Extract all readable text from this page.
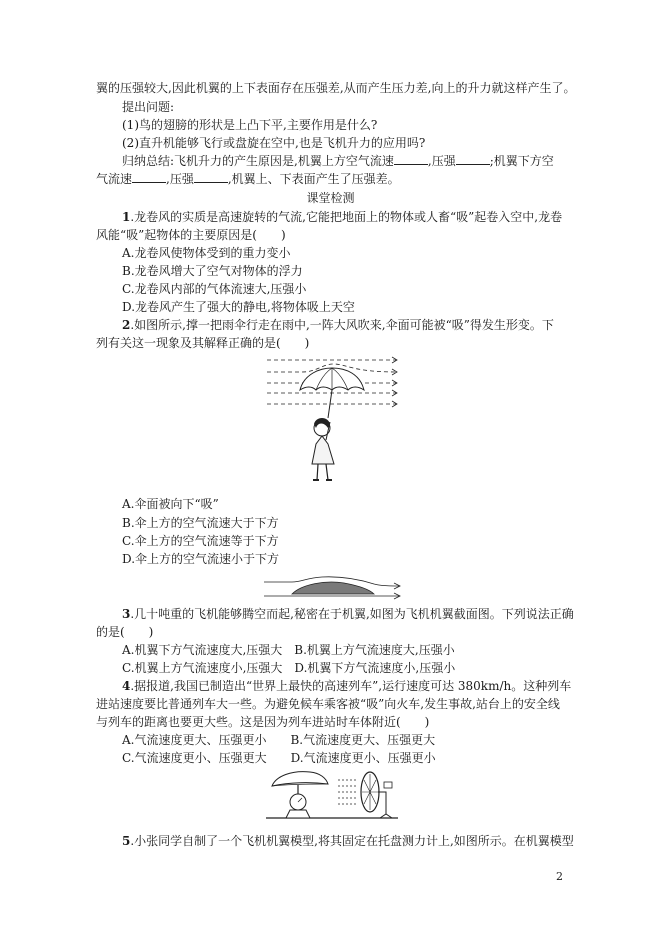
翼的压强较大,因此机翼的上下表面存在压强差,从而产生压力差,向上的升力就这样产生了。
提出问题:
(1)鸟的翅膀的形状是上凸下平,主要作用是什么?
(2)直升机能够飞行或盘旋在空中,也是飞机升力的应用吗?
归纳总结:飞机升力的产生原因是,机翼上方空气流速	,压强	;机翼下方空
气流速	,压强	,机翼上、下表面产生了压强差。
课堂检测
1.龙卷风的实质是高速旋转的气流,它能把地面上的物体或人畜“吸”起卷入空中,龙卷
风能“吸”起物体的主要原因是(　　)
A.龙卷风使物体受到的重力变小
B.龙卷风增大了空气对物体的浮力
C.龙卷风内部的气体流速大,压强小
D.龙卷风产生了强大的静电,将物体吸上天空
2.如图所示,撑一把雨伞行走在雨中,一阵大风吹来,伞面可能被“吸”得发生形变。下
列有关这一现象及其解释正确的是(　　)
A.伞面被向下“吸”
B.伞上方的空气流速大于下方
C.伞上方的空气流速等于下方
D.伞上方的空气流速小于下方
3.几十吨重的飞机能够腾空而起,秘密在于机翼,如图为飞机机翼截面图。下列说法正确
的是(　　)
A.机翼下方气流速度大,压强大　B.机翼上方气流速度大,压强小
C.机翼上方气流速度小,压强大　D.机翼下方气流速度小,压强小
4.据报道,我国已制造出“世界上最快的高速列车”,运行速度可达 380km/h。这种列车
进站速度要比普通列车大一些。为避免候车乘客被“吸”向火车,发生事故,站台上的安全线
与列车的距离也要更大些。这是因为列车进站时车体附近(　　)
A.气流速度更大、压强更小　　B.气流速度更大、压强更大
C.气流速度更小、压强更大　　D.气流速度更小、压强更小
5.小张同学自制了一个飞机机翼模型,将其固定在托盘测力计上,如图所示。在机翼模型
2
